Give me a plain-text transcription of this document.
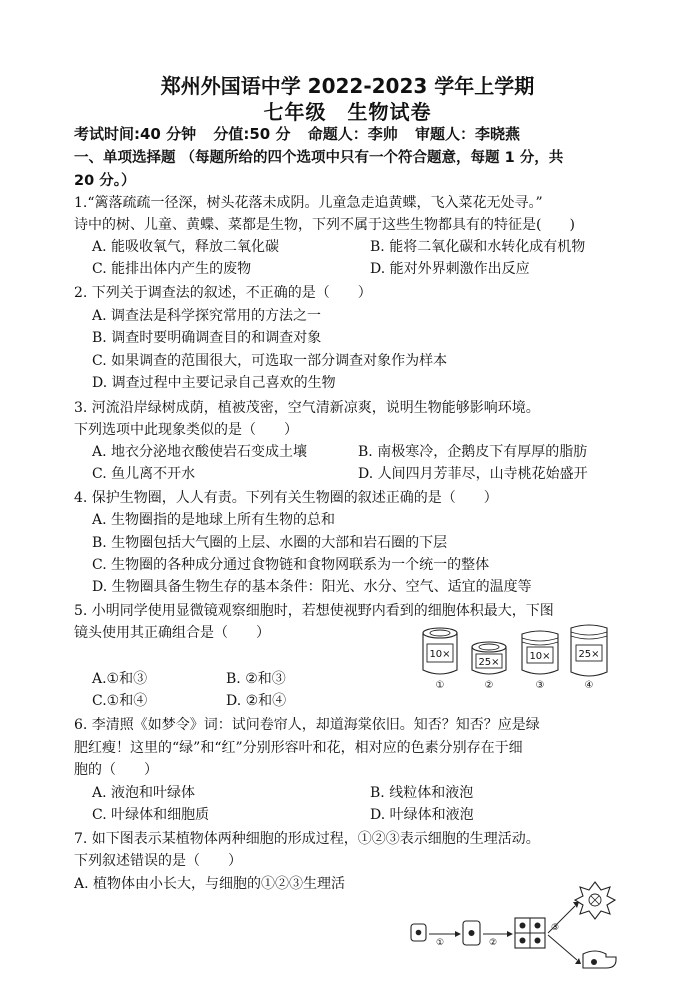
郑州外国语中学 2022-2023 学年上学期
七年级　生物试卷
考试时间:40 分钟 分值:50 分 命题人：李帅 审题人：李晓燕
一、单项选择题 （每题所给的四个选项中只有一个符合题意，每题 1 分，共
20 分。）
1.“篱落疏疏一径深，树头花落未成阴。儿童急走追黄蝶，飞入菜花无处寻。”
诗中的树、儿童、黄蝶、菜都是生物，下列不属于这些生物都具有的特征是(　　)
A. 能吸收氧气，释放二氧化碳	B. 能将二氧化碳和水转化成有机物
C. 能排出体内产生的废物	D. 能对外界刺激作出反应
2. 下列关于调查法的叙述，不正确的是（　　）
A. 调查法是科学探究常用的方法之一
B. 调查时要明确调查目的和调查对象
C. 如果调查的范围很大，可选取一部分调查对象作为样本
D. 调查过程中主要记录自己喜欢的生物
3. 河流沿岸绿树成荫，植被茂密，空气清新凉爽，说明生物能够影响环境。
下列选项中此现象类似的是（　　）
A. 地衣分泌地衣酸使岩石变成土壤	B. 南极寒冷，企鹅皮下有厚厚的脂肪
C. 鱼儿离不开水	D. 人间四月芳菲尽，山寺桃花始盛开
4. 保护生物圈，人人有责。下列有关生物圈的叙述正确的是（　　）
A. 生物圈指的是地球上所有生物的总和
B. 生物圈包括大气圈的上层、水圈的大部和岩石圈的下层
C. 生物圈的各种成分通过食物链和食物网联系为一个统一的整体
D. 生物圈具备生物生存的基本条件：阳光、水分、空气、适宜的温度等
5. 小明同学使用显微镜观察细胞时，若想使视野内看到的细胞体积最大，下图
镜头使用其正确组合是（　　）
10×
①
25×
②
10×
③
25×
④
A.①和③	B. ②和③
C.①和④	D. ②和④
6. 李清照《如梦令》词：试问卷帘人，却道海棠依旧。知否？知否？应是绿
肥红瘦！这里的“绿”和“红”分别形容叶和花，相对应的色素分别存在于细
胞的（　　）
A. 液泡和叶绿体	B. 线粒体和液泡
C. 叶绿体和细胞质	D. 叶绿体和液泡
7. 如下图表示某植物体两种细胞的形成过程，①②③表示细胞的生理活动。
下列叙述错误的是（　　）
A. 植物体由小长大，与细胞的①②③生理活
①	②
③
